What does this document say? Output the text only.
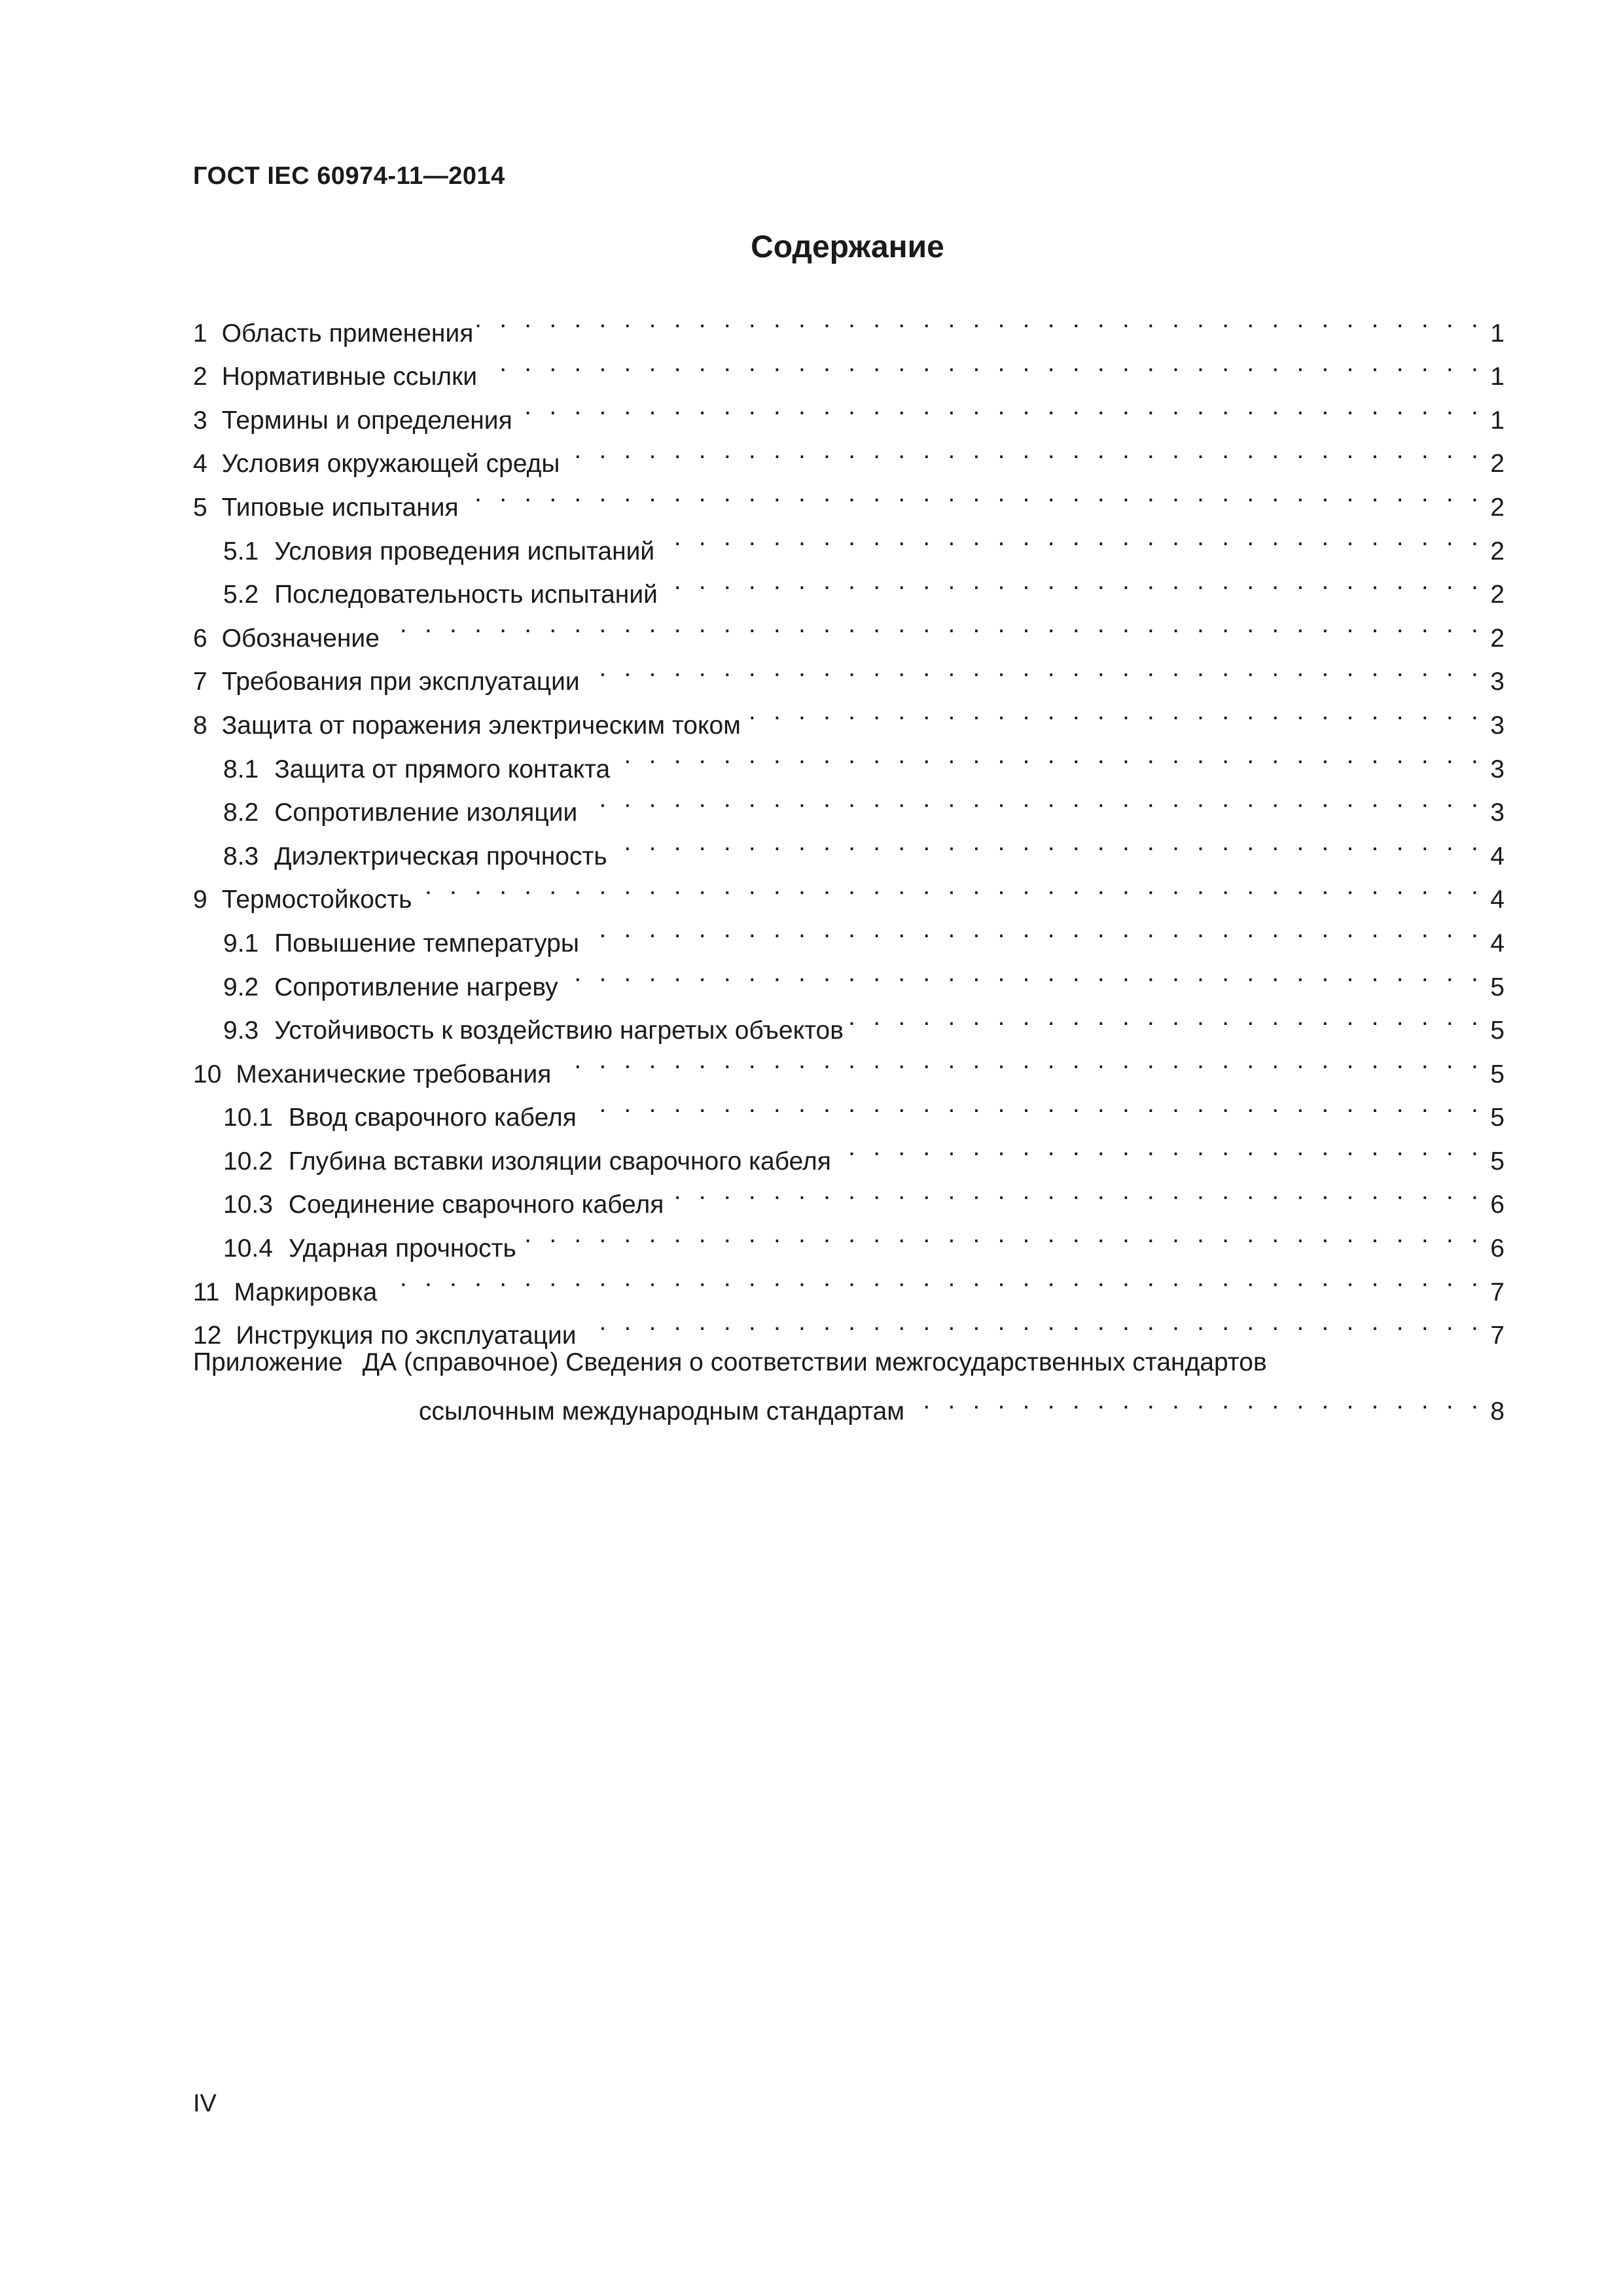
ГОСТ IEC 60974-11—2014
Содержание
1 Область применения . . .	1
2 Нормативные ссылки . . .	1
3 Термины и определения . . .	1
4 Условия окружающей среды . . .	2
5 Типовые испытания . . .	2
5.1 Условия проведения испытаний . . .	2
5.2 Последовательность испытаний . . .	2
6 Обозначение . . .	2
7 Требования при эксплуатации . . .	3
8 Защита от поражения электрическим током . . .	3
8.1 Защита от прямого контакта . . .	3
8.2 Сопротивление изоляции . . .	3
8.3 Диэлектрическая прочность . . .	4
9 Термостойкость . . .	4
9.1 Повышение температуры . . .	4
9.2 Сопротивление нагреву . . .	5
9.3 Устойчивость к воздействию нагретых объектов . . .	5
10 Механические требования . . .	5
10.1 Ввод сварочного кабеля . . .	5
10.2 Глубина вставки изоляции сварочного кабеля . . .	5
10.3 Соединение сварочного кабеля . . .	6
10.4 Ударная прочность . . .	6
11 Маркировка . . .	7
12 Инструкция по эксплуатации . . .	7
Приложение ДА (справочное) Сведения о соответствии межгосударственных стандартов
ссылочным международным стандартам . . .	8
IV
